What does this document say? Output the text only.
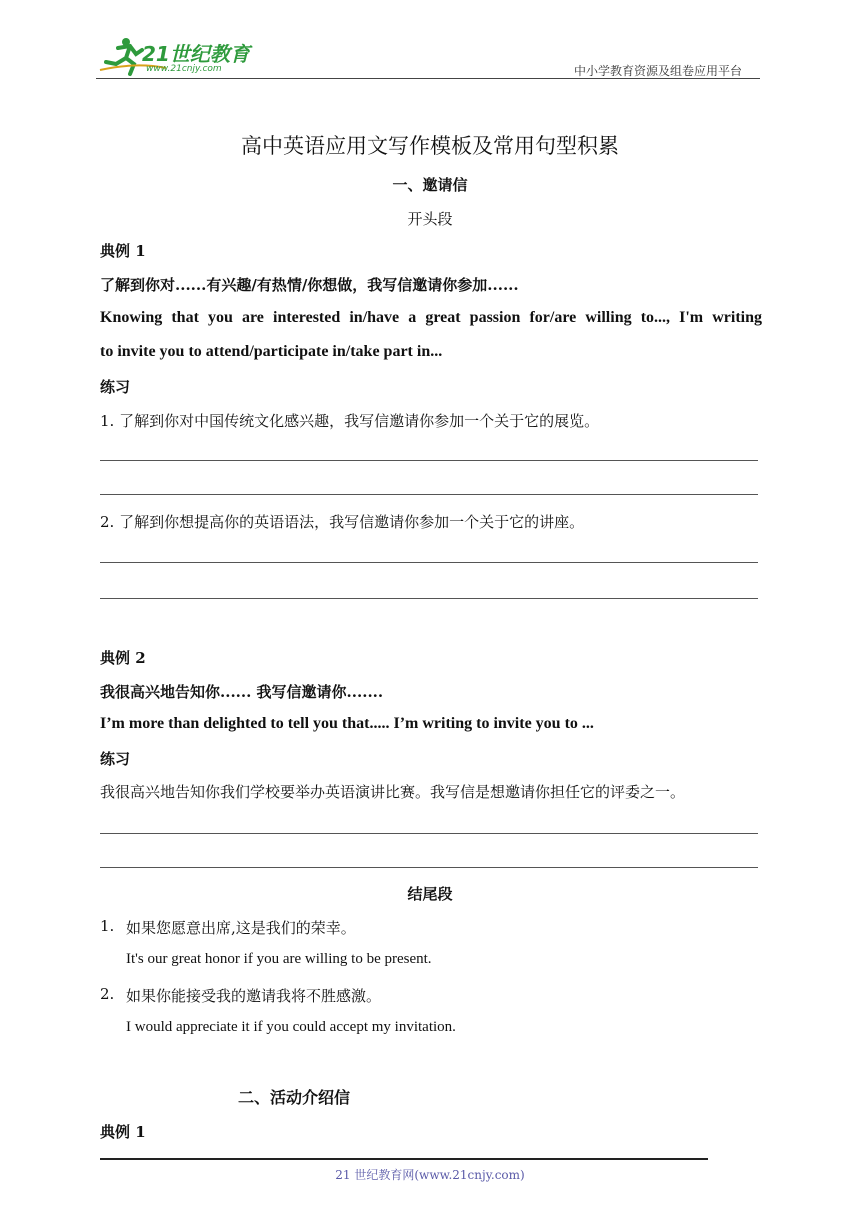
21世纪教育
www.21cnjy.com	中小学教育资源及组卷应用平台
高中英语应用文写作模板及常用句型积累
一、邀请信
开头段
典例 1
了解到你对......有兴趣/有热情/你想做，我写信邀请你参加......
Knowing that you are interested in/have a great passion for/are willing to..., I'm writing
to invite you to attend/participate in/take part in...
练习
1. 了解到你对中国传统文化感兴趣，我写信邀请你参加一个关于它的展览。
2. 了解到你想提高你的英语语法，我写信邀请你参加一个关于它的讲座。
典例 2
我很高兴地告知你...... 我写信邀请你.......
I’m more than delighted to tell you that..... I’m writing to invite you to ...
练习
我很高兴地告知你我们学校要举办英语演讲比赛。我写信是想邀请你担任它的评委之一。
结尾段
1. 如果您愿意出席,这是我们的荣幸。
It's our great honor if you are willing to be present.
2. 如果你能接受我的邀请我将不胜感激。
I would appreciate it if you could accept my invitation.
二、活动介绍信
典例 1
21 世纪教育网(www.21cnjy.com)
